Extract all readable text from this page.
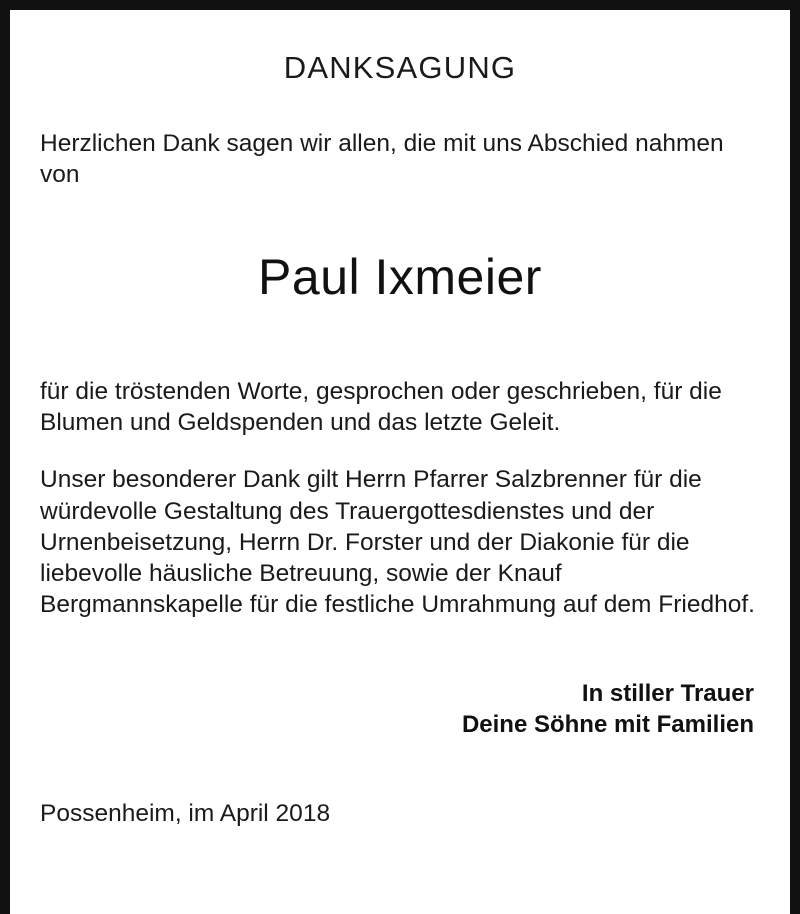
DANKSAGUNG

Herzlichen Dank sagen wir allen, die mit uns Abschied nahmen von

Paul Ixmeier

für die tröstenden Worte, gesprochen oder geschrieben, für die Blumen und Geldspenden und das letzte Geleit.

Unser besonderer Dank gilt Herrn Pfarrer Salzbrenner für die würdevolle Gestaltung des Trauergottesdienstes und der Urnenbeisetzung, Herrn Dr. Forster und der Diakonie für die liebevolle häusliche Betreuung, sowie der Knauf Bergmannskapelle für die festliche Umrahmung auf dem Friedhof.

In stiller Trauer
Deine Söhne mit Familien
Possenheim, im April 2018
